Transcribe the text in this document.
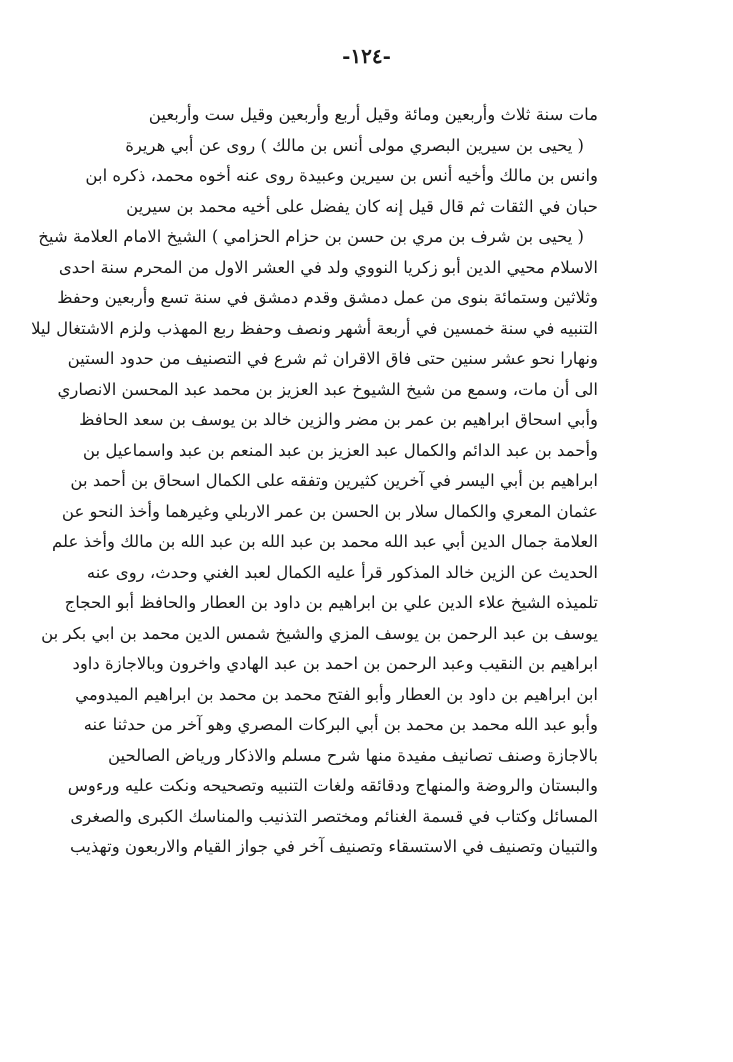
-١٢٤-
مات سنة ثلاث وأربعين ومائة وقيل أربع وأربعين وقيل ست وأربعين
( يحيى بن سيرين البصري مولى أنس بن مالك ) روى عن أبي هريرة
وانس بن مالك وأخيه أنس بن سيرين وعبيدة روى عنه أخوه محمد، ذكره ابن
حبان في الثقات ثم قال قيل إنه كان يفضل على أخيه محمد بن سيرين
( يحيى بن شرف بن مري بن حسن بن حزام الحزامي ) الشيخ الامام العلامة شيخ
الاسلام محيي الدين أبو زكريا النووي ولد في العشر الاول من المحرم سنة احدى
وثلاثين وستمائة بنوى من عمل دمشق وقدم دمشق في سنة تسع وأربعين وحفظ
التنبيه في سنة خمسين في أربعة أشهر ونصف وحفظ ربع المهذب ولزم الاشتغال ليلا
ونهارا نحو عشر سنين حتى فاق الاقران ثم شرع في التصنيف من حدود الستين
الى أن مات، وسمع من شيخ الشيوخ عبد العزيز بن محمد عبد المحسن الانصاري
وأبي اسحاق ابراهيم بن عمر بن مضر والزين خالد بن يوسف بن سعد الحافظ
وأحمد بن عبد الدائم والكمال عبد العزيز بن عبد المنعم بن عبد واسماعيل بن
ابراهيم بن أبي اليسر في آخرين كثيرين وتفقه على الكمال اسحاق بن أحمد بن
عثمان المعري والكمال سلار بن الحسن بن عمر الاربلي وغيرهما وأخذ النحو عن
العلامة جمال الدين أبي عبد الله محمد بن عبد الله بن عبد الله بن مالك وأخذ علم
الحديث عن الزين خالد المذكور قرأ عليه الكمال لعبد الغني وحدث، روى عنه
تلميذه الشيخ علاء الدين علي بن ابراهيم بن داود بن العطار والحافظ أبو الحجاج
يوسف بن عبد الرحمن بن يوسف المزي والشيخ شمس الدين محمد بن ابي بكر بن
ابراهيم بن النقيب وعبد الرحمن بن احمد بن عبد الهادي واخرون وبالاجازة داود
ابن ابراهيم بن داود بن العطار وأبو الفتح محمد بن محمد بن ابراهيم الميدومي
وأبو عبد الله محمد بن محمد بن أبي البركات المصري وهو آخر من حدثنا عنه
بالاجازة وصنف تصانيف مفيدة منها شرح مسلم والاذكار ورياض الصالحين
والبستان والروضة والمنهاج ودقائقه ولغات التنبيه وتصحيحه ونكت عليه ورءوس
المسائل وكتاب في قسمة الغنائم ومختصر التذنيب والمناسك الكبرى والصغرى
والتبيان وتصنيف في الاستسقاء وتصنيف آخر في جواز القيام والاربعون وتهذيب
